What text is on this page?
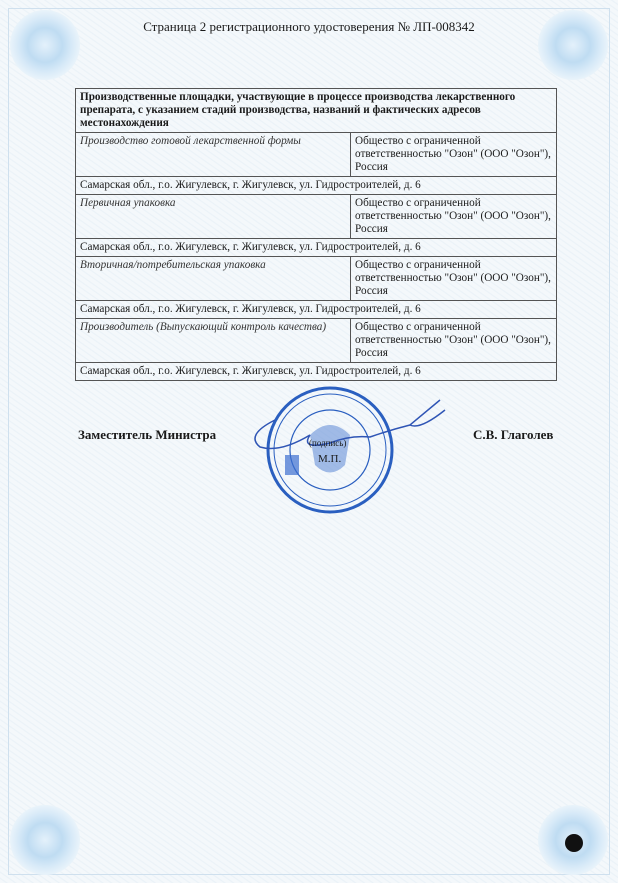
Страница 2 регистрационного удостоверения № ЛП-008342
Производственные площадки, участвующие в процессе производства лекарственного препарата, с указанием стадий производства, названий и фактических адресов местонахождения	
Производство готовой лекарственной формы	Общество с ограниченной ответственностью "Озон" (ООО "Озон"), Россия
Самарская обл., г.о. Жигулевск, г. Жигулевск, ул. Гидростроителей, д. 6	
Первичная упаковка	Общество с ограниченной ответственностью "Озон" (ООО "Озон"), Россия
Самарская обл., г.о. Жигулевск, г. Жигулевск, ул. Гидростроителей, д. 6	
Вторичная/потребительская упаковка	Общество с ограниченной ответственностью "Озон" (ООО "Озон"), Россия
Самарская обл., г.о. Жигулевск, г. Жигулевск, ул. Гидростроителей, д. 6	
Производитель (Выпускающий контроль качества)	Общество с ограниченной ответственностью "Озон" (ООО "Озон"), Россия
Самарская обл., г.о. Жигулевск, г. Жигулевск, ул. Гидростроителей, д. 6	
Заместитель Министра	С.В. Глаголев
(подпись)
М.П.
